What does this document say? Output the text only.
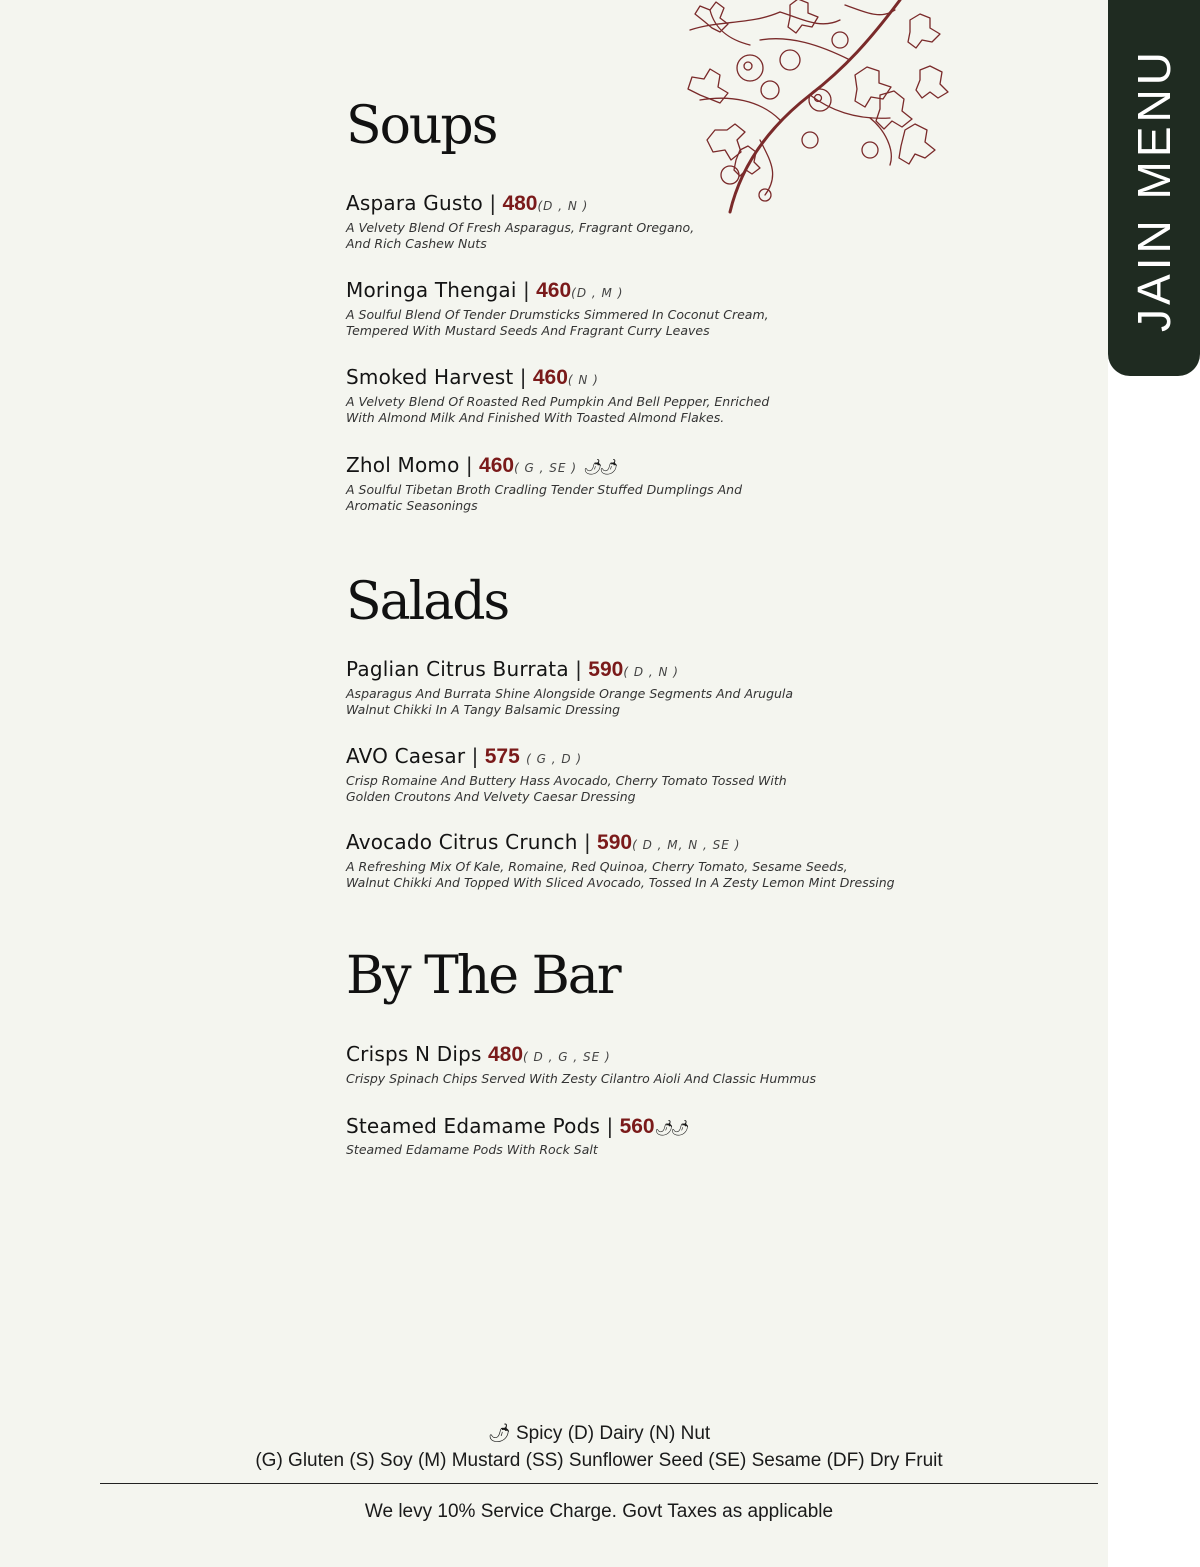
JAIN MENU
Soups
Aspara Gusto | 480(D , N )
A Velvety Blend Of Fresh Asparagus, Fragrant Oregano,
And Rich Cashew Nuts
Moringa Thengai | 460(D , M )
A Soulful Blend Of Tender Drumsticks Simmered In Coconut Cream,
Tempered With Mustard Seeds And Fragrant Curry Leaves
Smoked Harvest | 460( N )
A Velvety Blend Of Roasted Red Pumpkin And Bell Pepper, Enriched
With Almond Milk And Finished With Toasted Almond Flakes.
Zhol Momo | 460( G , SE ) 🌶🌶
A Soulful Tibetan Broth Cradling Tender Stuffed Dumplings And
Aromatic Seasonings
Salads
Paglian Citrus Burrata | 590( D , N )
Asparagus And Burrata Shine Alongside Orange Segments And Arugula
Walnut Chikki In A Tangy Balsamic Dressing
AVO Caesar | 575 ( G , D )
Crisp Romaine And Buttery Hass Avocado, Cherry Tomato Tossed With
Golden Croutons And Velvety Caesar Dressing
Avocado Citrus Crunch | 590( D , M, N , SE )
A Refreshing Mix Of Kale, Romaine, Red Quinoa, Cherry Tomato, Sesame Seeds,
Walnut Chikki And Topped With Sliced Avocado, Tossed In A Zesty Lemon Mint Dressing
By The Bar
Crisps N Dips 480( D , G , SE )
Crispy Spinach Chips Served With Zesty Cilantro Aioli And Classic Hummus
Steamed Edamame Pods | 560🌶🌶
Steamed Edamame Pods With Rock Salt
🌶 Spicy (D) Dairy (N) Nut
(G) Gluten (S) Soy (M) Mustard (SS) Sunflower Seed (SE) Sesame (DF) Dry Fruit
We levy 10% Service Charge. Govt Taxes as applicable
